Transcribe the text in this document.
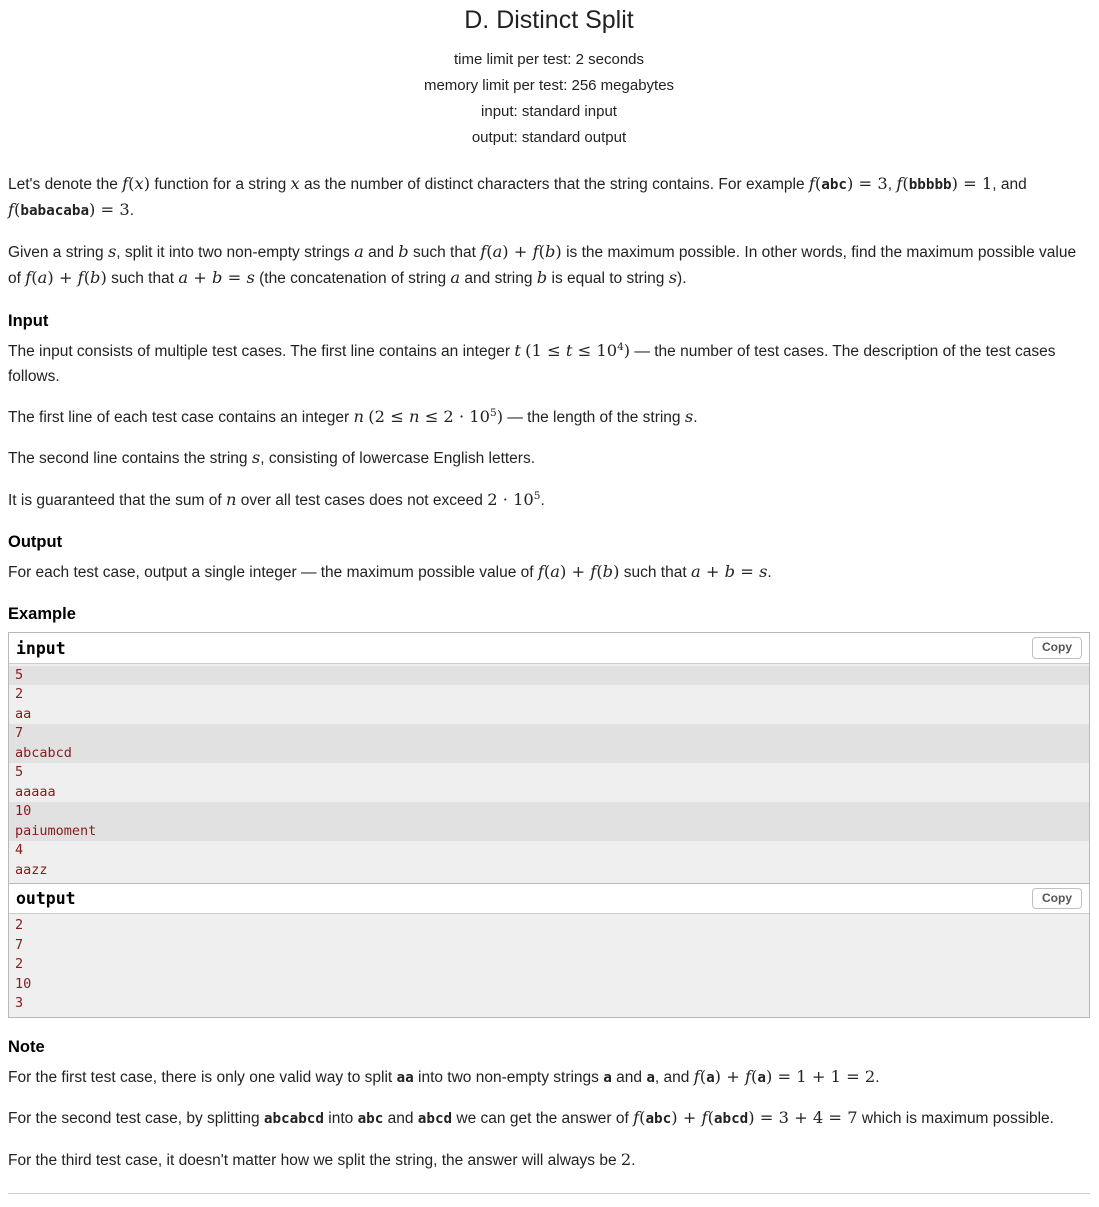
D. Distinct Split
time limit per test: 2 seconds
memory limit per test: 256 megabytes
input: standard input
output: standard output

Let's denote the f(x) function for a string x as the number of distinct characters that the string contains. For example f(abc) = 3, f(bbbbb) = 1, and f(babacaba) = 3.

Given a string s, split it into two non-empty strings a and b such that f(a) + f(b) is the maximum possible. In other words, find the maximum possible value of f(a) + f(b) such that a + b = s (the concatenation of string a and string b is equal to string s).

Input

The input consists of multiple test cases. The first line contains an integer t $(1 \le t \le 10^4)$ — the number of test cases. The description of the test cases follows.

The first line of each test case contains an integer n $(2 \le n \le 2 \cdot 10^5)$ — the length of the string s.

The second line contains the string s, consisting of lowercase English letters.

It is guaranteed that the sum of n over all test cases does not exceed $2 \cdot 10^5$.

Output

For each test case, output a single integer — the maximum possible value of f(a) + f(b) such that a + b = s.

Example
input	Copy
5
2
aa
7
abcabcd
5
aaaaa
10
paiumoment
4
aazz
output	Copy
2
7
2
10
3
Note

For the first test case, there is only one valid way to split aa into two non-empty strings a and a, and f(a) + f(a) = 1 + 1 = 2.

For the second test case, by splitting abcabcd into abc and abcd we can get the answer of f(abc) + f(abcd) = 3 + 4 = 7 which is maximum possible.

For the third test case, it doesn't matter how we split the string, the answer will always be 2.
